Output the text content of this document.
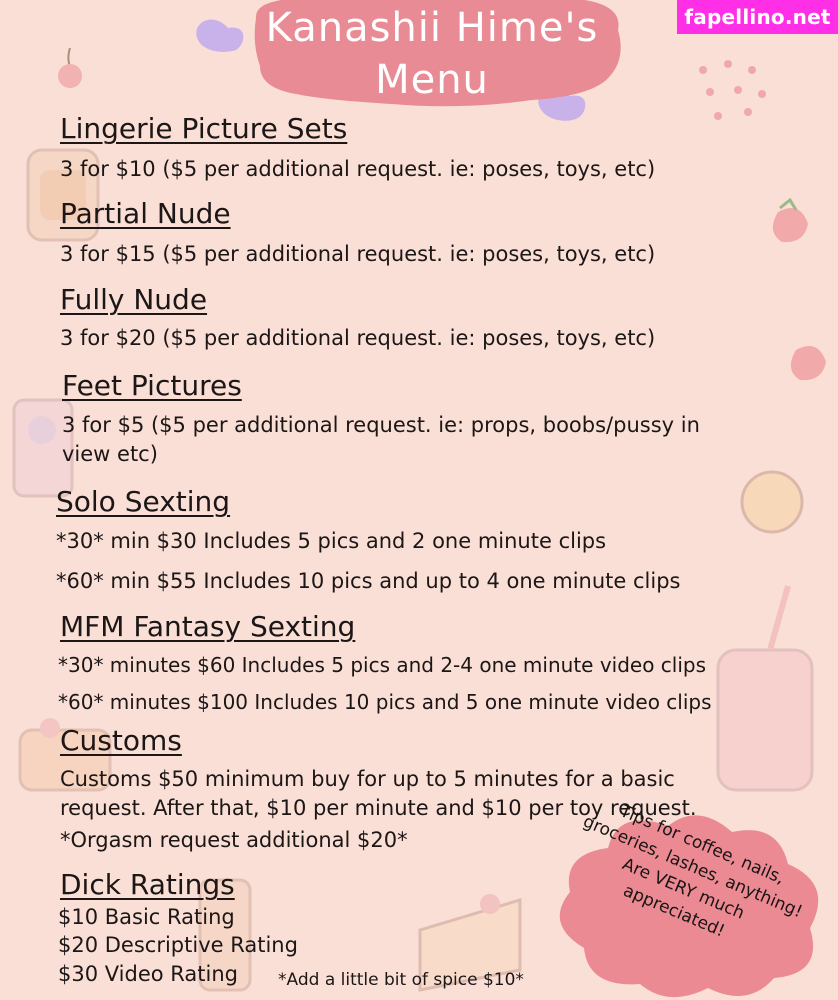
Kanashii Hime's
Menu
fapellino.net
Lingerie Picture Sets
3 for $10 ($5 per additional request. ie: poses, toys, etc)
Partial Nude
3 for $15 ($5 per additional request. ie: poses, toys, etc)
Fully Nude
3 for $20 ($5 per additional request. ie: poses, toys, etc)
Feet Pictures
3 for $5 ($5 per additional request. ie: props, boobs/pussy in
view etc)
Solo Sexting
*30* min $30 Includes 5 pics and 2 one minute clips
*60* min $55 Includes 10 pics and up to 4 one minute clips
MFM Fantasy Sexting
*30* minutes $60 Includes 5 pics and 2-4 one minute video clips
*60* minutes $100 Includes 10 pics and 5 one minute video clips
Customs
Customs $50 minimum buy for up to 5 minutes for a basic
request. After that, $10 per minute and $10 per toy request.
*Orgasm request additional $20*
Dick Ratings
$10 Basic Rating
$20 Descriptive Rating
$30 Video Rating *Add a little bit of spice $10*
Tips for coffee, nails, groceries, lashes, anything! Are VERY much appreciated!
